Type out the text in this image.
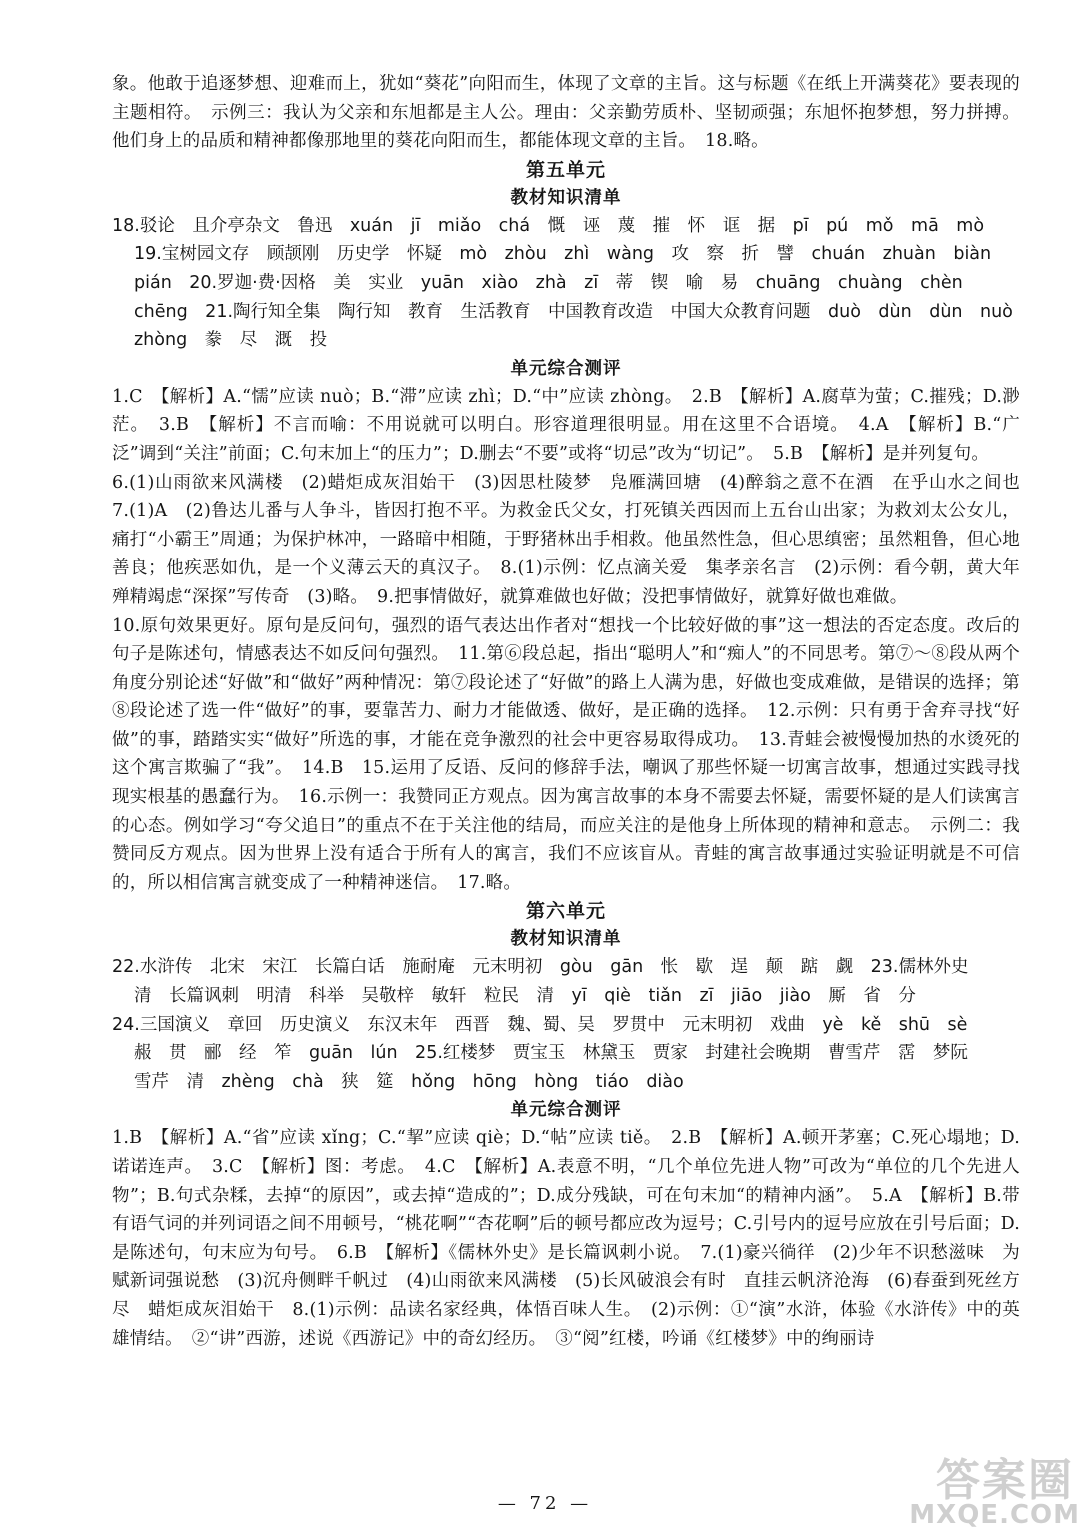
象。他敢于追逐梦想、迎难而上，犹如“葵花”向阳而生，体现了文章的主旨。这与标题《在纸上开满葵花》要表现的主题相符。　示例三：我认为父亲和东旭都是主人公。理由：父亲勤劳质朴、坚韧顽强；东旭怀抱梦想，努力拼搏。他们身上的品质和精神都像那地里的葵花向阳而生，都能体现文章的主旨。　18.略。

第五单元
教材知识清单

18.驳论　且介亭杂文　鲁迅　xuán　jī　miǎo　chá　慨　诬　蔑　摧　怀　诓　据　pī　pú　mǒ　mā　mò

19.宝树园文存　顾颉刚　历史学　怀疑　mò　zhòu　zhì　wàng　攻　察　折　譬　chuán　zhuàn　biàn

pián　20.罗迦·费·因格　美　实业　yuān　xiào　zhà　zī　蒂　锲　喻　易　chuāng　chuàng　chèn

chēng　21.陶行知全集　陶行知　教育　生活教育　中国教育改造　中国大众教育问题　duò　dùn　dùn　nuò

zhòng　豢　尽　溉　投

单元综合测评

1.C　【解析】A.“懦”应读 nuò；B.“滞”应读 zhì；D.“中”应读 zhòng。　2.B　【解析】A.腐草为萤；C.摧残；D.渺茫。　3.B　【解析】不言而喻：不用说就可以明白。形容道理很明显。用在这里不合语境。　4.A　【解析】B.“广泛”调到“关注”前面；C.句末加上“的压力”；D.删去“不要”或将“切忌”改为“切记”。　5.B　【解析】是并列复句。

6.(1)山雨欲来风满楼　(2)蜡炬成灰泪始干　(3)因思杜陵梦　凫雁满回塘　(4)醉翁之意不在酒　在乎山水之间也　7.(1)A　(2)鲁达儿番与人争斗，皆因打抱不平。为救金氏父女，打死镇关西因而上五台山出家；为救刘太公女儿，痛打“小霸王”周通；为保护林冲，一路暗中相随，于野猪林出手相救。他虽然性急，但心思缜密；虽然粗鲁，但心地善良；他疾恶如仇，是一个义薄云天的真汉子。　8.(1)示例：忆点滴关爱　集孝亲名言　(2)示例：看今朝，黄大年殚精竭虑“深探”写传奇　(3)略。　9.把事情做好，就算难做也好做；没把事情做好，就算好做也难做。

10.原句效果更好。原句是反问句，强烈的语气表达出作者对“想找一个比较好做的事”这一想法的否定态度。改后的句子是陈述句，情感表达不如反问句强烈。　11.第⑥段总起，指出“聪明人”和“痴人”的不同思考。第⑦～⑧段从两个角度分别论述“好做”和“做好”两种情况：第⑦段论述了“好做”的路上人满为患，好做也变成难做，是错误的选择；第⑧段论述了选一件“做好”的事，要靠苦力、耐力才能做透、做好，是正确的选择。　12.示例：只有勇于舍弃寻找“好做”的事，踏踏实实“做好”所选的事，才能在竞争激烈的社会中更容易取得成功。　13.青蛙会被慢慢加热的水烫死的这个寓言欺骗了“我”。　14.B　15.运用了反语、反问的修辞手法，嘲讽了那些怀疑一切寓言故事，想通过实践寻找现实根基的愚蠢行为。　16.示例一：我赞同正方观点。因为寓言故事的本身不需要去怀疑，需要怀疑的是人们读寓言的心态。例如学习“夸父追日”的重点不在于关注他的结局，而应关注的是他身上所体现的精神和意志。　示例二：我赞同反方观点。因为世界上没有适合于所有人的寓言，我们不应该盲从。青蛙的寓言故事通过实验证明就是不可信的，所以相信寓言就变成了一种精神迷信。　17.略。

第六单元
教材知识清单

22.水浒传　北宋　宋江　长篇白话　施耐庵　元末明初　gòu　gān　怅　歇　逞　颠　踮　觑　23.儒林外史

清　长篇讽刺　明清　科举　吴敬梓　敏轩　粒民　清　yī　qiè　tiǎn　zī　jiāo　jiào　厮　省　分

24.三国演义　章回　历史演义　东汉末年　西晋　魏、蜀、吴　罗贯中　元末明初　戏曲　yè　kě　shū　sè

赧　贯　郦　经　笮　guān　lún　25.红楼梦　贾宝玉　林黛玉　贾家　封建社会晚期　曹雪芹　霑　梦阮

雪芹　清　zhèng　chà　狭　筵　hǒng　hōng　hòng　tiáo　diào

单元综合测评

1.B　【解析】A.“省”应读 xǐng；C.“挈”应读 qiè；D.“帖”应读 tiě。　2.B　【解析】A.顿开茅塞；C.死心塌地；D.诺诺连声。　3.C　【解析】图：考虑。　4.C　【解析】A.表意不明，“几个单位先进人物”可改为“单位的几个先进人物”；B.句式杂糅，去掉“的原因”，或去掉“造成的”；D.成分残缺，可在句末加“的精神内涵”。　5.A　【解析】B.带有语气词的并列词语之间不用顿号，“桃花啊”“杏花啊”后的顿号都应改为逗号；C.引号内的逗号应放在引号后面；D.是陈述句，句末应为句号。　6.B　【解析】《儒林外史》是长篇讽刺小说。　7.(1)豪兴徜徉　(2)少年不识愁滋味　为赋新词强说愁　(3)沉舟侧畔千帆过　(4)山雨欲来风满楼　(5)长风破浪会有时　直挂云帆济沧海　(6)春蚕到死丝方尽　蜡炬成灰泪始干　8.(1)示例：品读名家经典，体悟百味人生。　(2)示例：①“演”水浒，体验《水浒传》中的英雄情结。　②“讲”西游，述说《西游记》中的奇幻经历。　③“阅”红楼，吟诵《红楼梦》中的绚丽诗

— 72 —	答案圈
MXQE.COM
